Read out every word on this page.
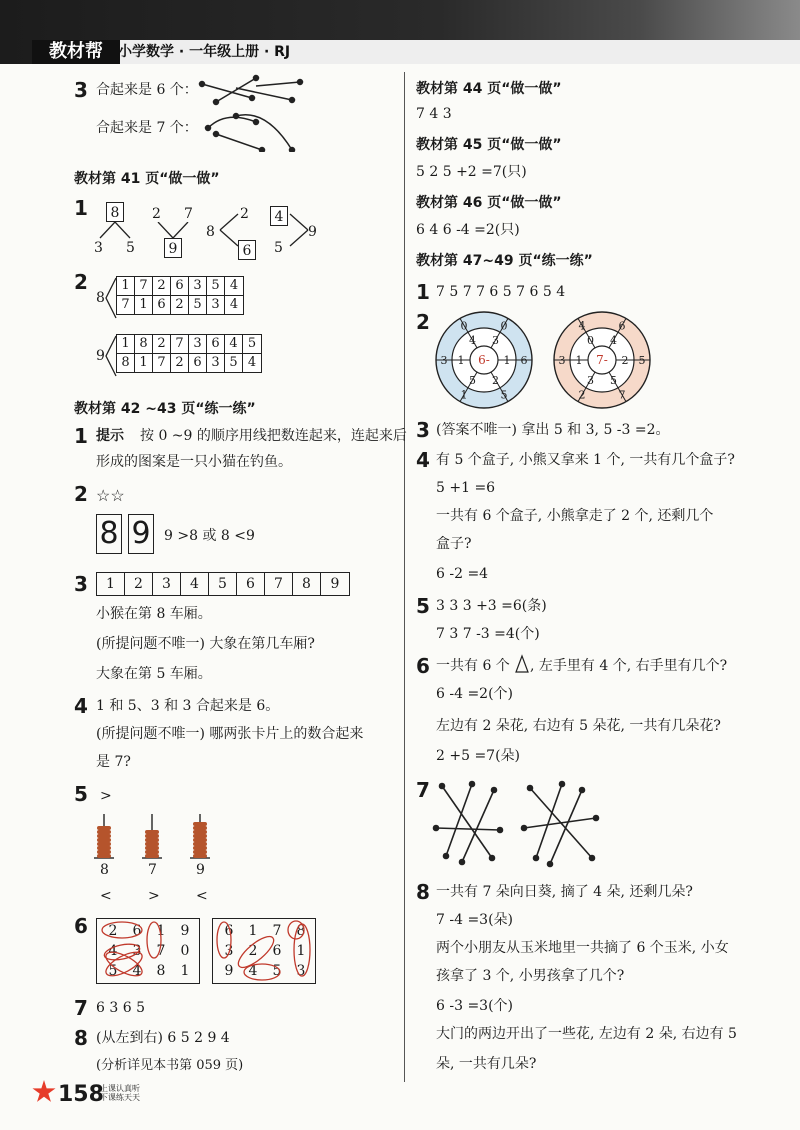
教材帮	小学数学 · 一年级上册 · RJ
3 合起来是 6 个：
合起来是 7 个：
教材第 41 页“做一做”
1	8
3 5
2 7
9
8
2
6
4
5
9
2
8
1 7 2 6 3 5 4
7 1 6 2 5 3 4
9
1 8 2 7 3 6 4 5
8 1 7 2 6 3 5 4
教材第 42 ~43 页“练一练”
1 提示 按 0 ~9 的顺序用线把数连起来，连起来后
形成的图案是一只小猫在钓鱼。
2 ☆☆
8 9 9 >8 或 8 <9
3	1	2	3	4	5	6	7	8	9
小猴在第 8 车厢。
(所提问题不唯一) 大象在第几车厢?
大象在第 5 车厢。
4 1 和 5、3 和 3 合起来是 6。
(所提问题不唯一) 哪两张卡片上的数合起来
是 7?
5 >
8	7	9
<	>	<
6	2	6	1	9
4	3	7	0
5	4	8	1
6	1	7	8
3	2	6	1
9	4	5	3
7 6 3 6 5
8 (从左到右) 6 5 2 9 4
(分析详见本书第 059 页)
教材第 44 页“做一做”
7 4 3
教材第 45 页“做一做”
5 2 5 +2 =7(只)
教材第 46 页“做一做”
6 4 6 -4 =2(只)
教材第 47~49 页“练一练”
1 7 5 7 7 6 5 7 6 5 4
2
6-
3
1
2
5
1
4
0
6
5
1
3
0
7-
4
2
5
3
1
0
6
5
7
2
3
4
3 (答案不唯一) 拿出 5 和 3, 5 -3 =2。
4 有 5 个盒子, 小熊又拿来 1 个, 一共有几个盒子?
5 +1 =6
一共有 6 个盒子, 小熊拿走了 2 个, 还剩几个
盒子?
6 -2 =4
5 3 3 3 +3 =6(条)
7 3 7 -3 =4(个)
6 一共有 6 个 , 左手里有 4 个, 右手里有几个?
6 -4 =2(个)
左边有 2 朵花, 右边有 5 朵花, 一共有几朵花?
2 +5 =7(朵)
7
8 一共有 7 朵向日葵, 摘了 4 朵, 还剩几朵?
7 -4 =3(朵)
两个小朋友从玉米地里一共摘了 6 个玉米, 小女
孩拿了 3 个, 小男孩拿了几个?
6 -3 =3(个)
大门的两边开出了一些花, 左边有 2 朵, 右边有 5
朵, 一共有几朵?
158
上课认真听
下课练天天
